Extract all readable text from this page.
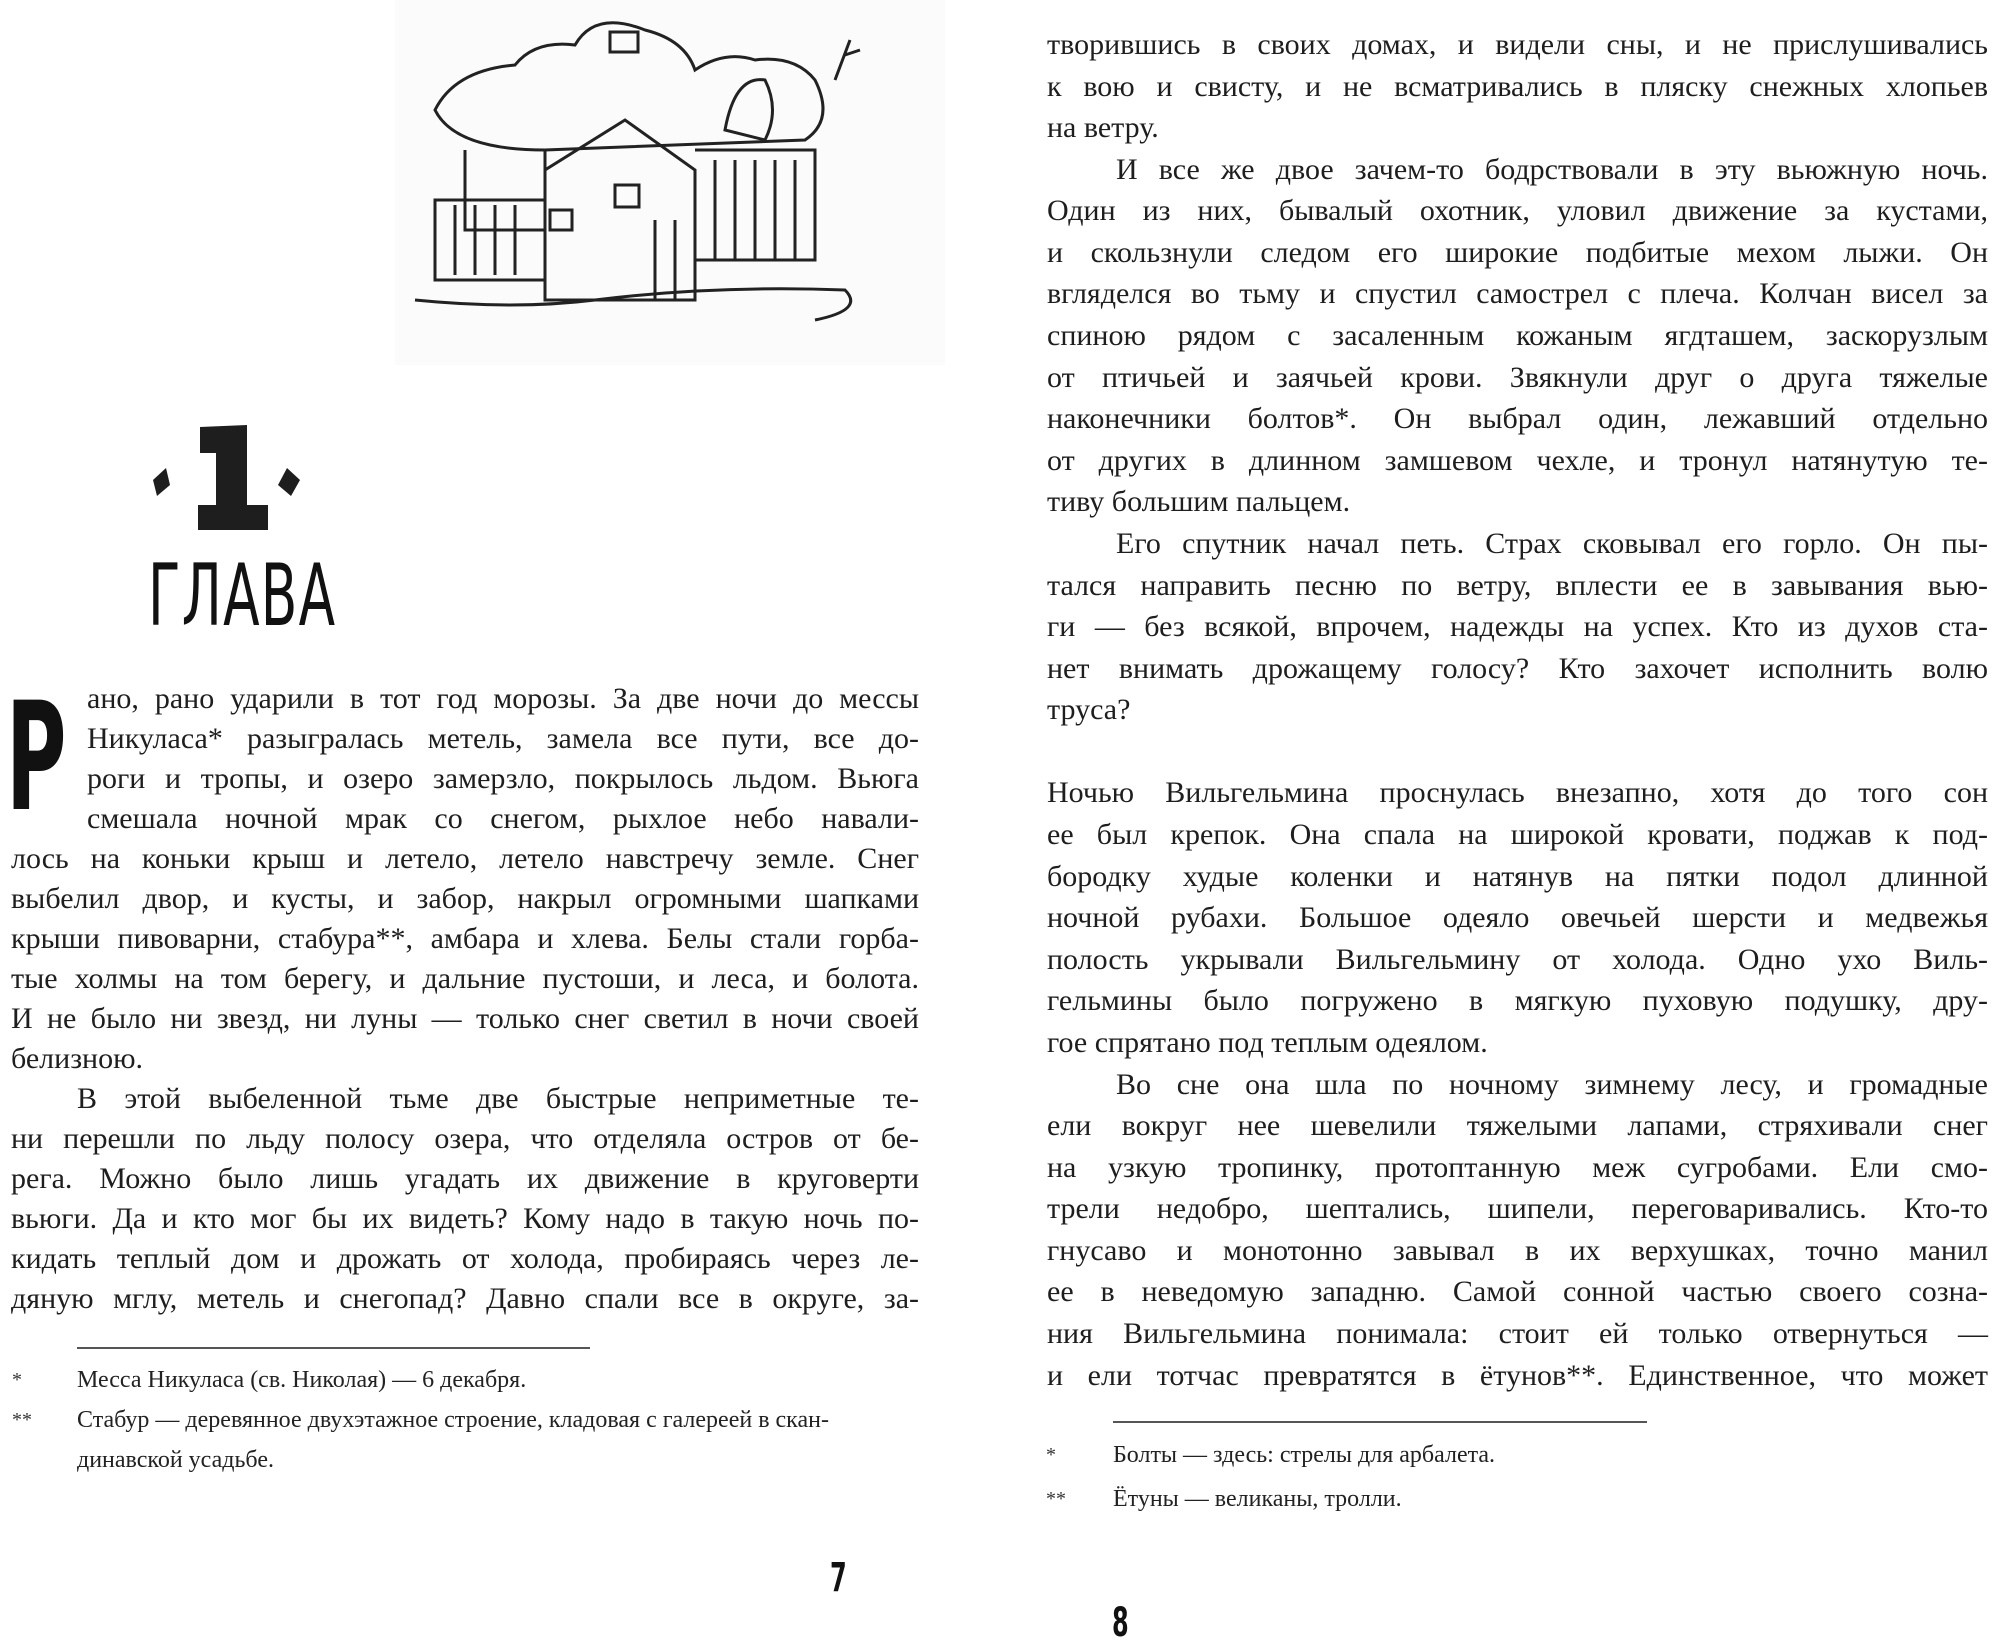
ГЛАВА
Р ано, рано ударили в тот год морозы. За две ночи до мессы
Никуласа* разыгралась метель, замела все пути, все до-
роги и тропы, и озеро замерзло, покрылось льдом. Вьюга
смешала ночной мрак со снегом, рыхлое небо навали-
лось на коньки крыш и летело, летело навстречу земле. Снег
выбелил двор, и кусты, и забор, накрыл огромными шапками
крыши пивоварни, стабура**, амбара и хлева. Белы стали горба-
тые холмы на том берегу, и дальние пустоши, и леса, и болота.
И не было ни звезд, ни луны — только снег светил в ночи своей
белизною.
В этой выбеленной тьме две быстрые неприметные те-
ни перешли по льду полосу озера, что отделяла остров от бе-
рега. Можно было лишь угадать их движение в круговерти
вьюги. Да и кто мог бы их видеть? Кому надо в такую ночь по-
кидать теплый дом и дрожать от холода, пробираясь через ле-
дяную мглу, метель и снегопад? Давно спали все в округе, за-
* Месса Никуласа (св. Николая) — 6 декабря.
** Стабур — деревянное двухэтажное строение, кладовая с галереей в скан-
динавской усадьбе.
7
творившись в своих домах, и видели сны, и не прислушивались
к вою и свисту, и не всматривались в пляску снежных хлопьев
на ветру.
И все же двое зачем-то бодрствовали в эту вьюжную ночь.
Один из них, бывалый охотник, уловил движение за кустами,
и скользнули следом его широкие подбитые мехом лыжи. Он
вгляделся во тьму и спустил самострел с плеча. Колчан висел за
спиною рядом с засаленным кожаным ягдташем, заскорузлым
от птичьей и заячьей крови. Звякнули друг о друга тяжелые
наконечники болтов*. Он выбрал один, лежавший отдельно
от других в длинном замшевом чехле, и тронул натянутую те-
тиву большим пальцем.
Его спутник начал петь. Страх сковывал его горло. Он пы-
тался направить песню по ветру, вплести ее в завывания вью-
ги — без всякой, впрочем, надежды на успех. Кто из духов ста-
нет внимать дрожащему голосу? Кто захочет исполнить волю
труса?
Ночью Вильгельмина проснулась внезапно, хотя до того сон
ее был крепок. Она спала на широкой кровати, поджав к под-
бородку худые коленки и натянув на пятки подол длинной
ночной рубахи. Большое одеяло овечьей шерсти и медвежья
полость укрывали Вильгельмину от холода. Одно ухо Виль-
гельмины было погружено в мягкую пуховую подушку, дру-
гое спрятано под теплым одеялом.
Во сне она шла по ночному зимнему лесу, и громадные
ели вокруг нее шевелили тяжелыми лапами, стряхивали снег
на узкую тропинку, протоптанную меж сугробами. Ели смо-
трели недобро, шептались, шипели, переговаривались. Кто-то
гнусаво и монотонно завывал в их верхушках, точно манил
ее в неведомую западню. Самой сонной частью своего созна-
ния Вильгельмина понимала: стоит ей только отвернуться —
и ели тотчас превратятся в ётунов**. Единственное, что может
* Болты — здесь: стрелы для арбалета.
** Ётуны — великаны, тролли.
8
